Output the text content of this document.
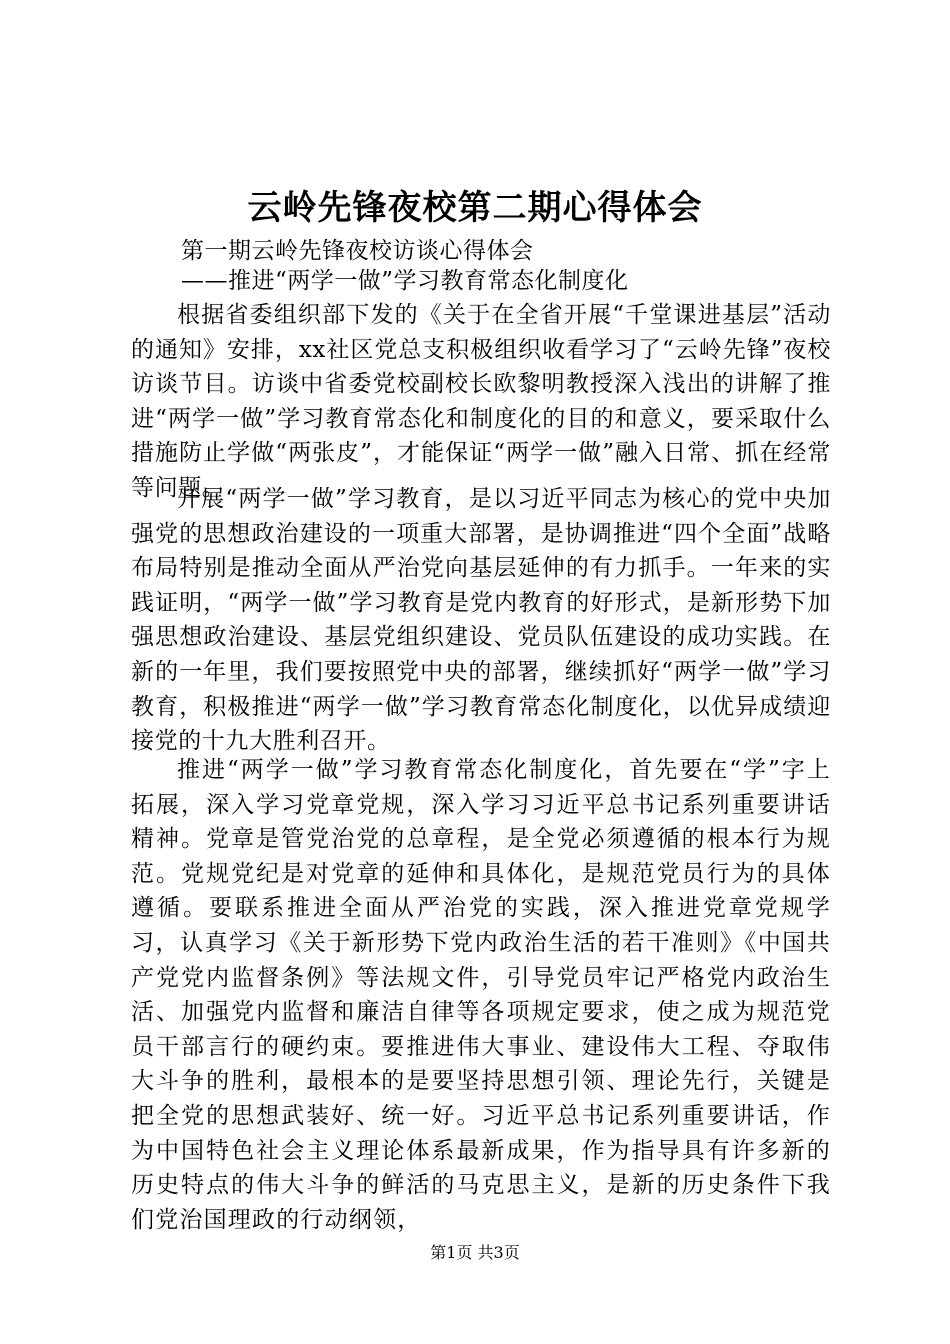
云岭先锋夜校第二期心得体会
第一期云岭先锋夜校访谈心得体会
——推进“两学一做”学习教育常态化制度化

根据省委组织部下发的《关于在全省开展“千堂课进基层”活动的通知》安排，xx社区党总支积极组织收看学习了“云岭先锋”夜校访谈节目。访谈中省委党校副校长欧黎明教授深入浅出的讲解了推进“两学一做”学习教育常态化和制度化的目的和意义，要采取什么措施防止学做“两张皮”，才能保证“两学一做”融入日常、抓在经常等问题。

开展“两学一做”学习教育，是以习近平同志为核心的党中央加强党的思想政治建设的一项重大部署，是协调推进“四个全面”战略布局特别是推动全面从严治党向基层延伸的有力抓手。一年来的实践证明，“两学一做”学习教育是党内教育的好形式，是新形势下加强思想政治建设、基层党组织建设、党员队伍建设的成功实践。在新的一年里，我们要按照党中央的部署，继续抓好“两学一做”学习教育，积极推进“两学一做”学习教育常态化制度化，以优异成绩迎接党的十九大胜利召开。

推进“两学一做”学习教育常态化制度化，首先要在“学”字上拓展，深入学习党章党规，深入学习习近平总书记系列重要讲话精神。党章是管党治党的总章程，是全党必须遵循的根本行为规范。党规党纪是对党章的延伸和具体化，是规范党员行为的具体遵循。要联系推进全面从严治党的实践，深入推进党章党规学习，认真学习《关于新形势下党内政治生活的若干准则》《中国共产党党内监督条例》等法规文件，引导党员牢记严格党内政治生活、加强党内监督和廉洁自律等各项规定要求，使之成为规范党员干部言行的硬约束。要推进伟大事业、建设伟大工程、夺取伟大斗争的胜利，最根本的是要坚持思想引领、理论先行，关键是把全党的思想武装好、统一好。习近平总书记系列重要讲话，作为中国特色社会主义理论体系最新成果，作为指导具有许多新的历史特点的伟大斗争的鲜活的马克思主义，是新的历史条件下我们党治国理政的行动纲领，

第1页 共3页
